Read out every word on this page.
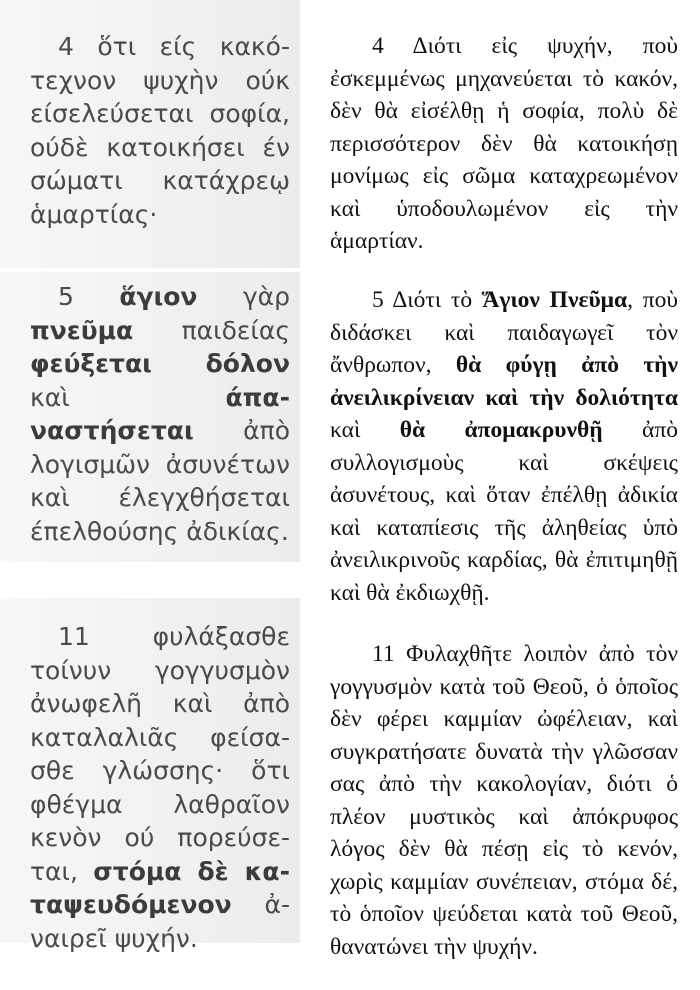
4 ὅτι είς κακότεχνον ψυχὴν ούκ είσελεύσεται σοφία, ούδὲ κατοικήσει έν σώματι κατάχρεῳ ἁμαρτίας·

5 ἅγιον γὰρ πνεῦμα παιδείας φεύξεται δόλον καὶ άπαναστήσεται ἀπὸ λογισμῶν ἀσυνέτων καὶ έλεγχθήσεται έπελθούσης ἀδικίας.

11 φυλάξασθε τοίνυν γογγυσμὸν ἀνωφελῆ καὶ ἀπὸ καταλαλιᾶς φείσασθε γλώσσης· ὅτι φθέγμα λαθραῖον κενὸν ού πορεύσεται, στόμα δὲ καταψευδόμενον ἀναιρεῖ ψυχήν.

4 Διότι εἰς ψυχήν, ποὺ ἐσκεμμένως μηχανεύεται τὸ κακόν, δὲν θὰ εἰσέλθῃ ἡ σοφία, πολὺ δὲ περισσότερον δὲν θὰ κατοικήσῃ μονίμως εἰς σῶμα καταχρεωμένον καὶ ὑποδουλωμένον εἰς τὴν ἁμαρτίαν.

5 Διότι τὸ Ἅγιον Πνεῦμα, ποὺ διδάσκει καὶ παιδαγωγεῖ τὸν ἄνθρωπον, θὰ φύγῃ ἀπὸ τὴν ἀνειλικρίνειαν καὶ τὴν δολιότητα καὶ θὰ ἀπομακρυνθῇ ἀπὸ συλλογισμοὺς καὶ σκέψεις ἀσυνέτους, καὶ ὅταν ἐπέλθῃ ἀδικία καὶ καταπίεσις τῆς ἀληθείας ὑπὸ ἀνειλικρινοῦς καρδίας, θὰ ἐπιτιμηθῇ καὶ θὰ ἐκδιωχθῇ.

11 Φυλαχθῆτε λοιπὸν ἀπὸ τὸν γογγυσμὸν κατὰ τοῦ Θεοῦ, ὁ ὁποῖος δὲν φέρει καμμίαν ὠφέλειαν, καὶ συγκρατήσατε δυνατὰ τὴν γλῶσσαν σας ἀπὸ τὴν κακολογίαν, διότι ὁ πλέον μυστικὸς καὶ ἀπόκρυφος λόγος δὲν θὰ πέσῃ εἰς τὸ κενόν, χωρὶς καμμίαν συνέπειαν, στόμα δέ, τὸ ὁποῖον ψεύδεται κατὰ τοῦ Θεοῦ, θανατώνει τὴν ψυχήν.
